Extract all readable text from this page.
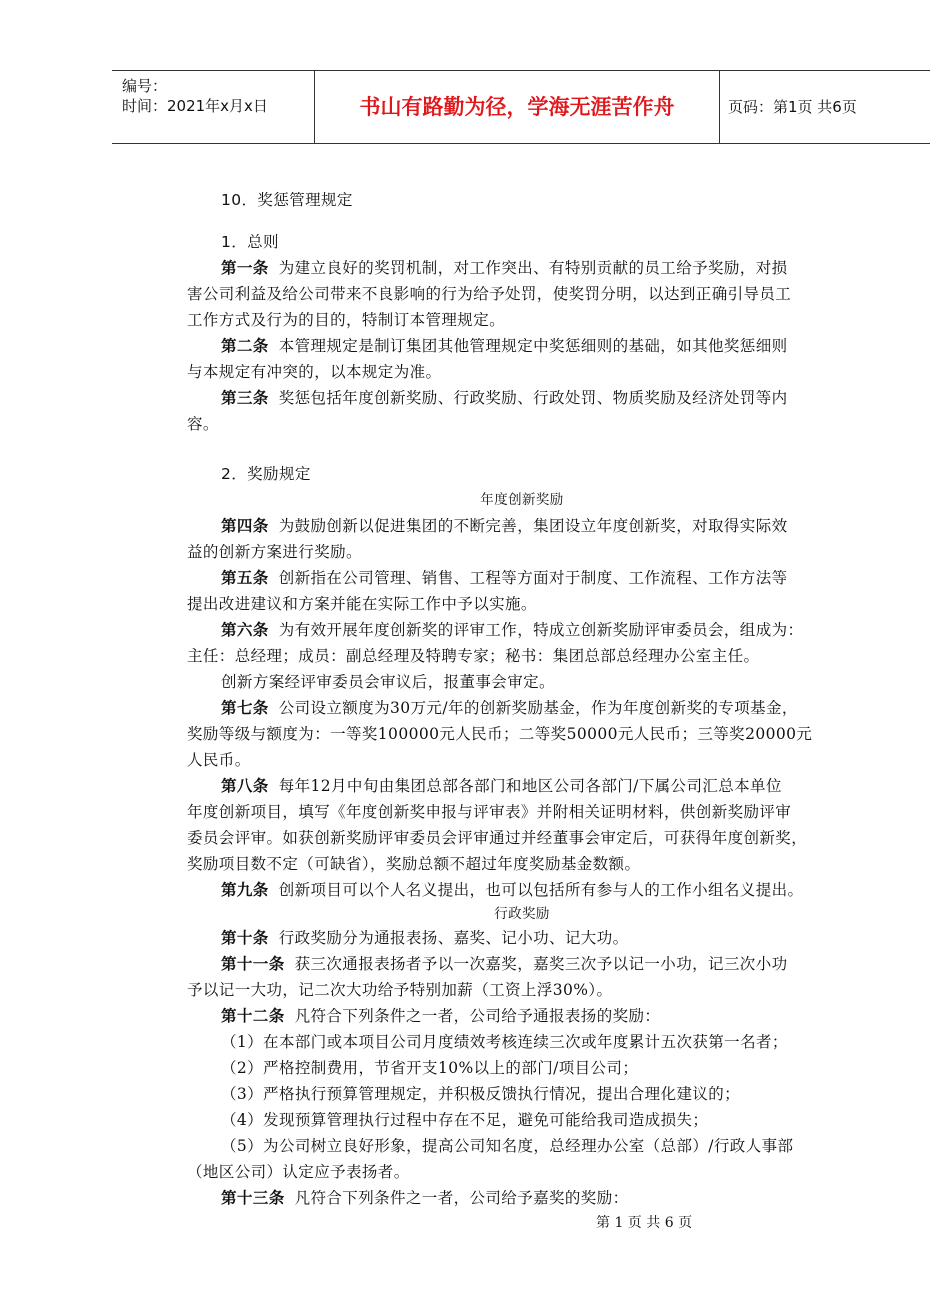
编号：
时间：2021年x月x日	书山有路勤为径，学海无涯苦作舟	页码：第1页 共6页
10．奖惩管理规定
1．总则
第一条 为建立良好的奖罚机制，对工作突出、有特别贡献的员工给予奖励，对损
害公司利益及给公司带来不良影响的行为给予处罚，使奖罚分明，以达到正确引导员工
工作方式及行为的目的，特制订本管理规定。
第二条 本管理规定是制订集团其他管理规定中奖惩细则的基础，如其他奖惩细则
与本规定有冲突的，以本规定为准。
第三条 奖惩包括年度创新奖励、行政奖励、行政处罚、物质奖励及经济处罚等内
容。
2．奖励规定
年度创新奖励
第四条 为鼓励创新以促进集团的不断完善，集团设立年度创新奖，对取得实际效
益的创新方案进行奖励。
第五条 创新指在公司管理、销售、工程等方面对于制度、工作流程、工作方法等
提出改进建议和方案并能在实际工作中予以实施。
第六条 为有效开展年度创新奖的评审工作，特成立创新奖励评审委员会，组成为：
主任：总经理；成员：副总经理及特聘专家；秘书：集团总部总经理办公室主任。
创新方案经评审委员会审议后，报董事会审定。
第七条 公司设立额度为30万元/年的创新奖励基金，作为年度创新奖的专项基金，
奖励等级与额度为：一等奖100000元人民币；二等奖50000元人民币；三等奖20000元
人民币。
第八条 每年12月中旬由集团总部各部门和地区公司各部门/下属公司汇总本单位
年度创新项目，填写《年度创新奖申报与评审表》并附相关证明材料，供创新奖励评审
委员会评审。如获创新奖励评审委员会评审通过并经董事会审定后，可获得年度创新奖，
奖励项目数不定（可缺省），奖励总额不超过年度奖励基金数额。
第九条 创新项目可以个人名义提出，也可以包括所有参与人的工作小组名义提出。
行政奖励
第十条 行政奖励分为通报表扬、嘉奖、记小功、记大功。
第十一条 获三次通报表扬者予以一次嘉奖，嘉奖三次予以记一小功，记三次小功
予以记一大功，记二次大功给予特别加薪（工资上浮30%）。
第十二条 凡符合下列条件之一者，公司给予通报表扬的奖励：
（1）在本部门或本项目公司月度绩效考核连续三次或年度累计五次获第一名者；
（2）严格控制费用，节省开支10%以上的部门/项目公司；
（3）严格执行预算管理规定，并积极反馈执行情况，提出合理化建议的；
（4）发现预算管理执行过程中存在不足，避免可能给我司造成损失；
（5）为公司树立良好形象，提高公司知名度，总经理办公室（总部）/行政人事部
（地区公司）认定应予表扬者。
第十三条 凡符合下列条件之一者，公司给予嘉奖的奖励：
第 1 页 共 6 页
